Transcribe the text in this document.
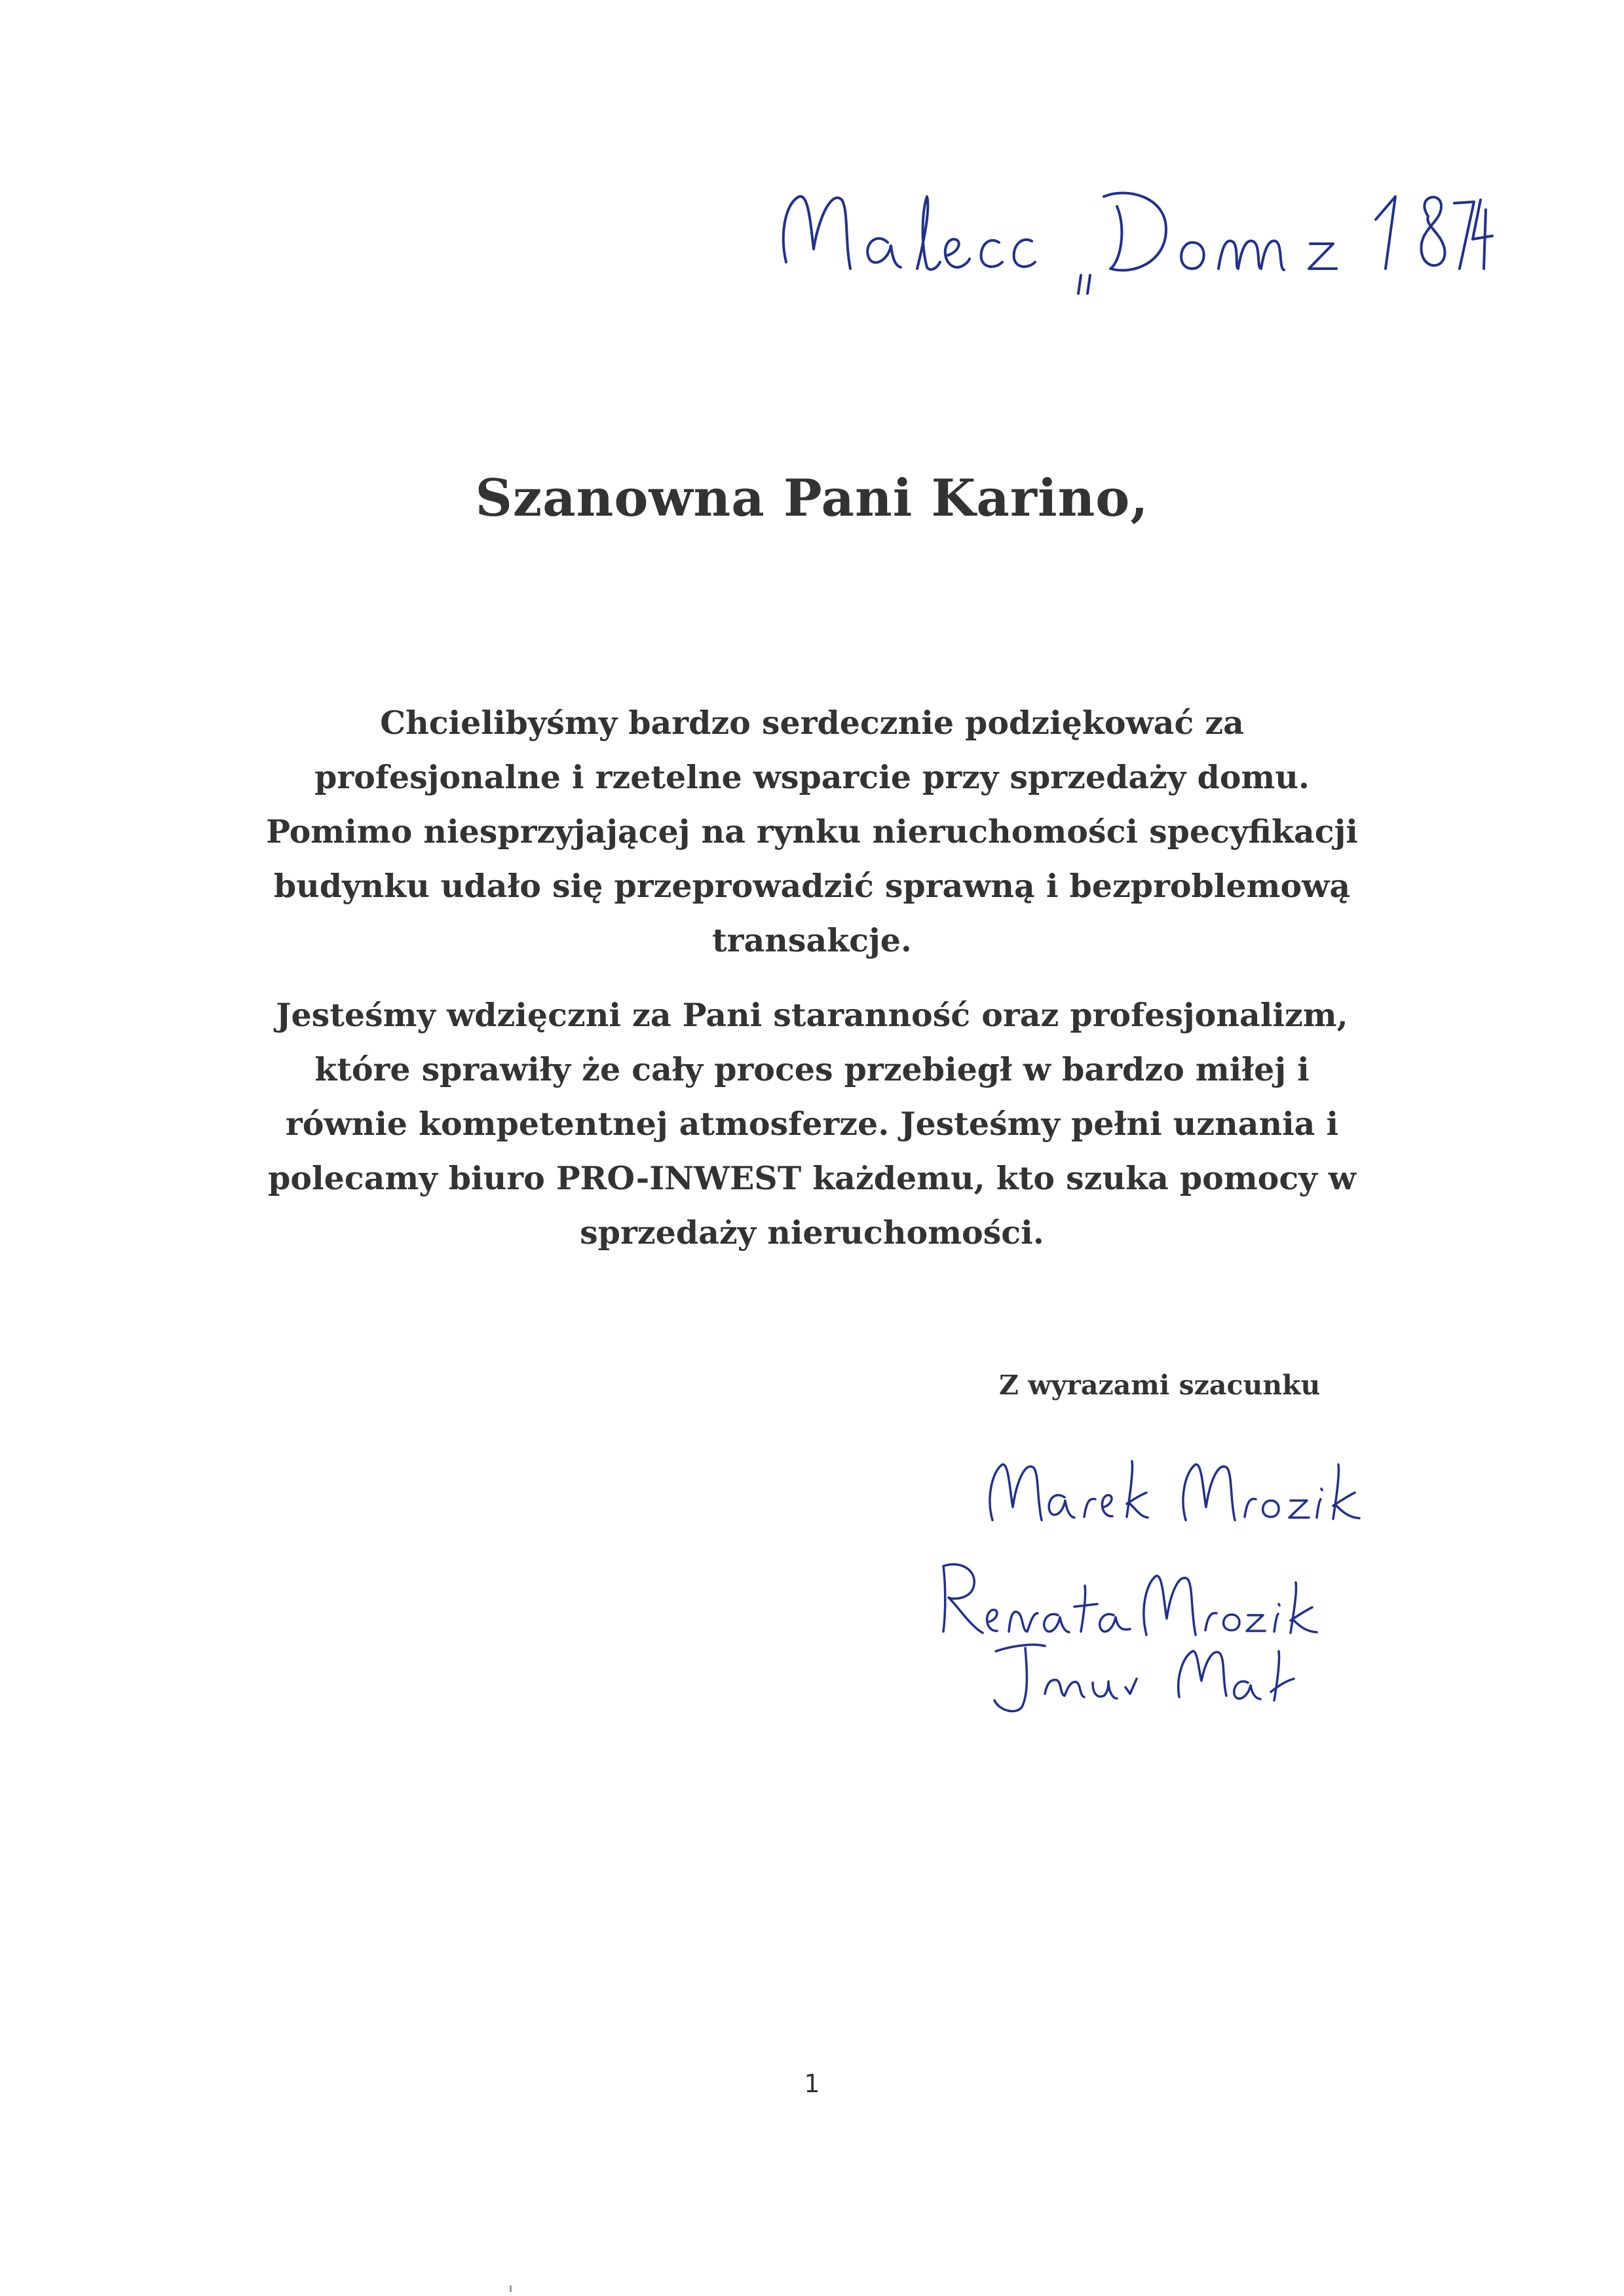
Szanowna Pani Karino,
Chcielibyśmy bardzo serdecznie podziękować za
profesjonalne i rzetelne wsparcie przy sprzedaży domu.
Pomimo niesprzyjającej na rynku nieruchomości specyfikacji
budynku udało się przeprowadzić sprawną i bezproblemową
transakcje.
Jesteśmy wdzięczni za Pani staranność oraz profesjonalizm,
które sprawiły że cały proces przebiegł w bardzo miłej i
równie kompetentnej atmosferze. Jesteśmy pełni uznania i
polecamy biuro PRO-INWEST każdemu, kto szuka pomocy w
sprzedaży nieruchomości.
Z wyrazami szacunku
1
